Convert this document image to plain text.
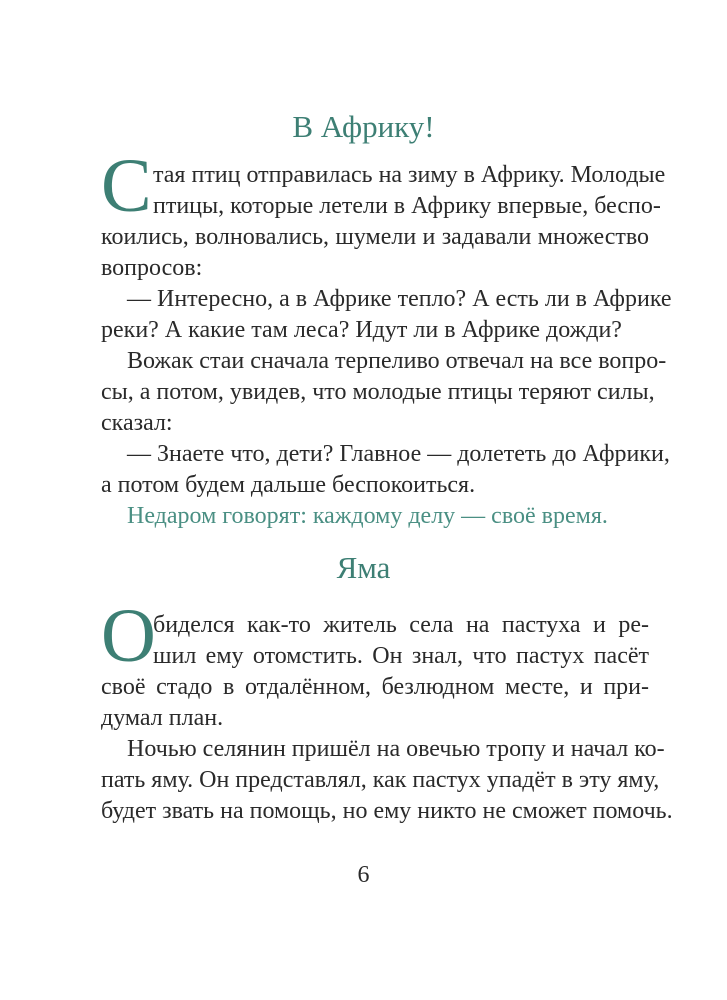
В Африку!
С тая птиц отправилась на зиму в Африку. Молодые
птицы, которые летели в Африку впервые, беспо-
коились, волновались, шумели и задавали множество
вопросов:
— Интересно, а в Африке тепло? А есть ли в Африке
реки? А какие там леса? Идут ли в Африке дожди?
Вожак стаи сначала терпеливо отвечал на все вопро-
сы, а потом, увидев, что молодые птицы теряют силы,
сказал:
— Знаете что, дети? Главное — долететь до Африки,
а потом будем дальше беспокоиться.
Недаром говорят: каждому делу — своё время.
Яма
О
биделся как-то житель села на пастуха и ре-
шил ему отомстить. Он знал, что пастух пасёт
своё стадо в отдалённом, безлюдном месте, и при-
думал план.
Ночью селянин пришёл на овечью тропу и начал ко-
пать яму. Он представлял, как пастух упадёт в эту яму,
будет звать на помощь, но ему никто не сможет помочь.

6
